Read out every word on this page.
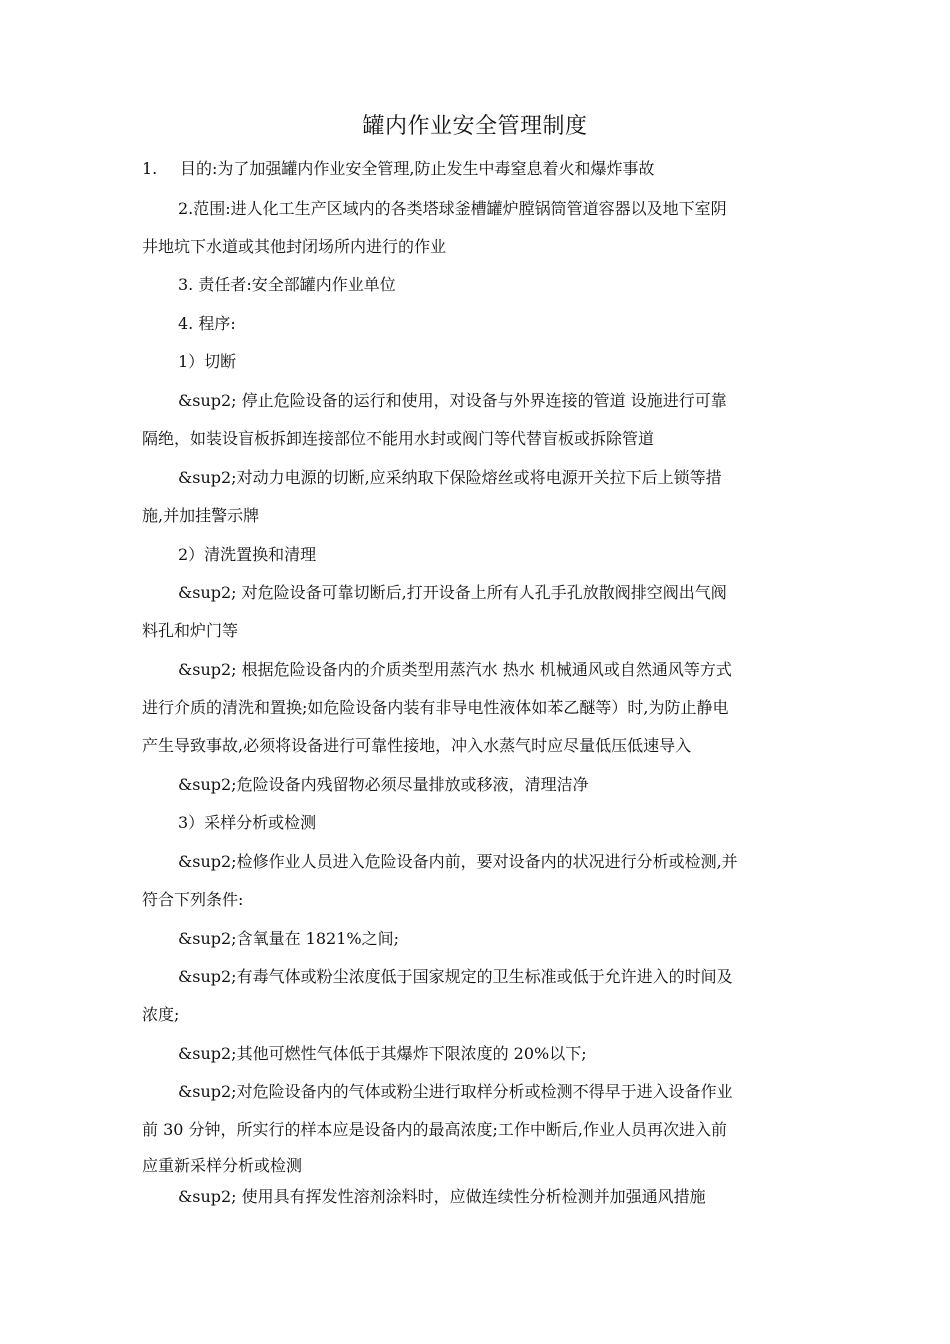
罐内作业安全管理制度
1. 目的:为了加强罐内作业安全管理,防止发生中毒窒息着火和爆炸事故
2.范围:进人化工生产区域内的各类塔球釜槽罐炉膛锅筒管道容器以及地下室阴
井地坑下水道或其他封闭场所内进行的作业
3. 责任者:安全部罐内作业单位
4. 程序:
1）切断
&sup2; 停止危险设备的运行和使用，对设备与外界连接的管道 设施进行可靠
隔绝，如装设盲板拆卸连接部位不能用水封或阀门等代替盲板或拆除管道
&sup2;对动力电源的切断,应采纳取下保险熔丝或将电源开关拉下后上锁等措
施,并加挂警示牌
2）清洗置换和清理
&sup2; 对危险设备可靠切断后,打开设备上所有人孔手孔放散阀排空阀出气阀
料孔和炉门等
&sup2; 根据危险设备内的介质类型用蒸汽水 热水 机械通风或自然通风等方式
进行介质的清洗和置换;如危险设备内装有非导电性液体如苯乙醚等）时,为防止静电
产生导致事故,必须将设备进行可靠性接地，冲入水蒸气时应尽量低压低速导入
&sup2;危险设备内残留物必须尽量排放或移液，清理洁净
3）采样分析或检测
&sup2;检修作业人员进入危险设备内前，要对设备内的状况进行分析或检测,并
符合下列条件:
&sup2;含氧量在 1821%之间;
&sup2;有毒气体或粉尘浓度低于国家规定的卫生标准或低于允许进入的时间及
浓度;
&sup2;其他可燃性气体低于其爆炸下限浓度的 20%以下;
&sup2;对危险设备内的气体或粉尘进行取样分析或检测不得早于进入设备作业
前 30 分钟，所实行的样本应是设备内的最高浓度;工作中断后,作业人员再次进入前
应重新采样分析或检测
&sup2; 使用具有挥发性溶剂涂料时，应做连续性分析检测并加强通风措施
